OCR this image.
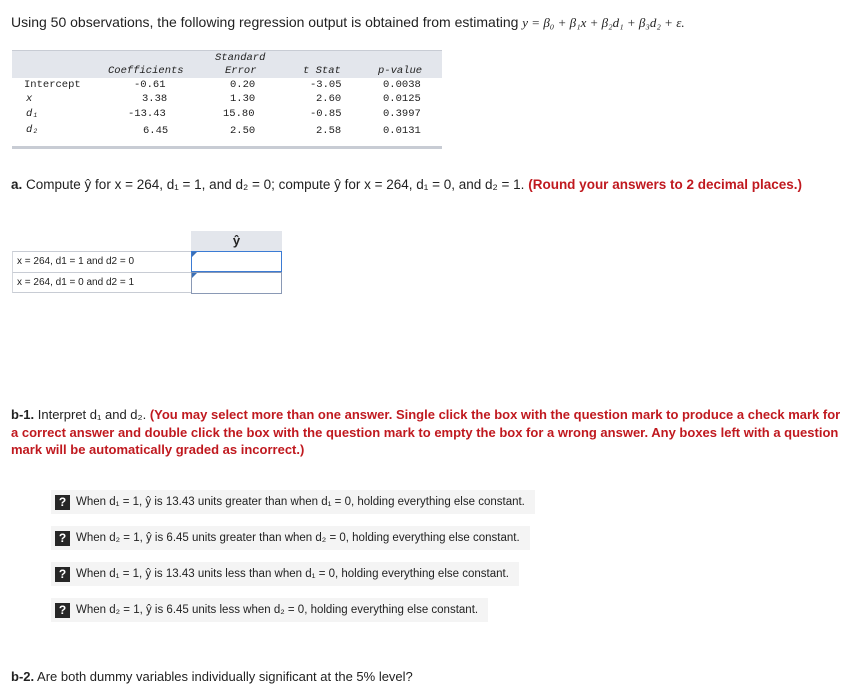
Using 50 observations, the following regression output is obtained from estimating y = β₀ + β₁x + β₂d₁ + β₃d₂ + ε.
Coefficients
Standard
Error	t Stat	p-value
Intercept	-0.61	0.20	-3.05	0.0038
x	3.38	1.30	2.60	0.0125
d₁	-13.43	15.80	-0.85	0.3997
d₂	6.45	2.50	2.58	0.0131
a. Compute ŷ for x = 264, d₁ = 1, and d₂ = 0; compute ŷ for x = 264, d₁ = 0, and d₂ = 1. (Round your answers to 2 decimal places.)
ŷ
x = 264, d1 = 1 and d2 = 0
x = 264, d1 = 0 and d2 = 1
b-1. Interpret d₁ and d₂. (You may select more than one answer. Single click the box with the question mark to produce a check mark for a correct answer and double click the box with the question mark to empty the box for a wrong answer. Any boxes left with a question mark will be automatically graded as incorrect.)
? When d₁ = 1, ŷ is 13.43 units greater than when d₁ = 0, holding everything else constant.
? When d₂ = 1, ŷ is 6.45 units greater than when d₂ = 0, holding everything else constant.
? When d₁ = 1, ŷ is 13.43 units less than when d₁ = 0, holding everything else constant.
? When d₂ = 1, ŷ is 6.45 units less when d₂ = 0, holding everything else constant.
b-2. Are both dummy variables individually significant at the 5% level?
